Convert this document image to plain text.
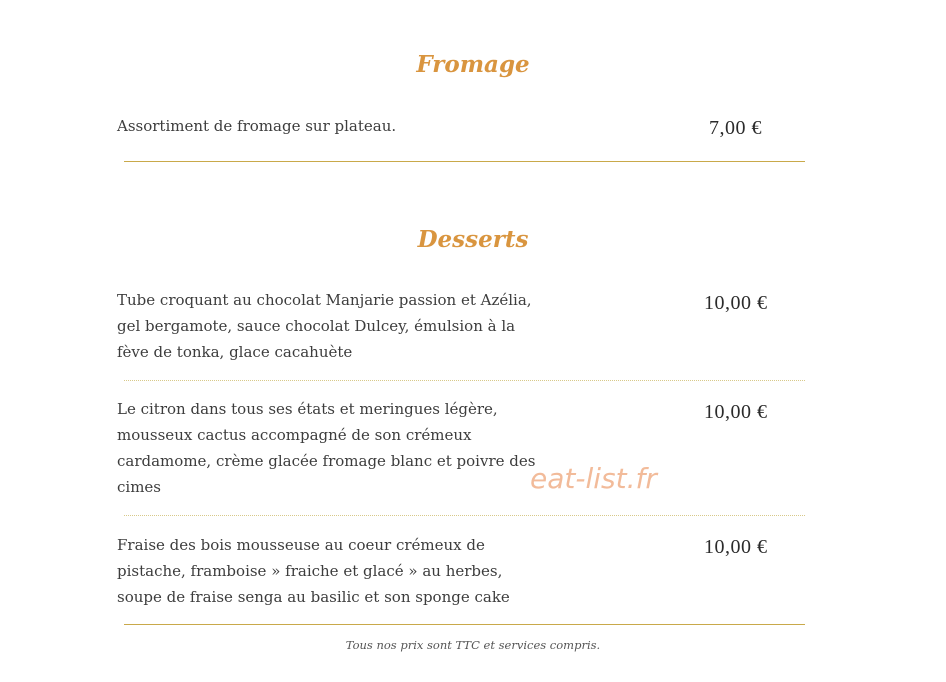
Fromage

Assortiment de fromage sur plateau.	7,00 €

Desserts

Tube croquant au chocolat Manjarie passion et Azélia, gel bergamote, sauce chocolat Dulcey, émulsion à la fève de tonka, glace cacahuète

10,00 €

Le citron dans tous ses états et meringues légère, mousseux cactus accompagné de son crémeux cardamome, crème glacée fromage blanc et poivre des cimes

10,00 €

Fraise des bois mousseuse au coeur crémeux de pistache, framboise » fraiche et glacé » au herbes, soupe de fraise senga au basilic et son sponge cake

10,00 €

eat-list.fr

Tous nos prix sont TTC et services compris.
